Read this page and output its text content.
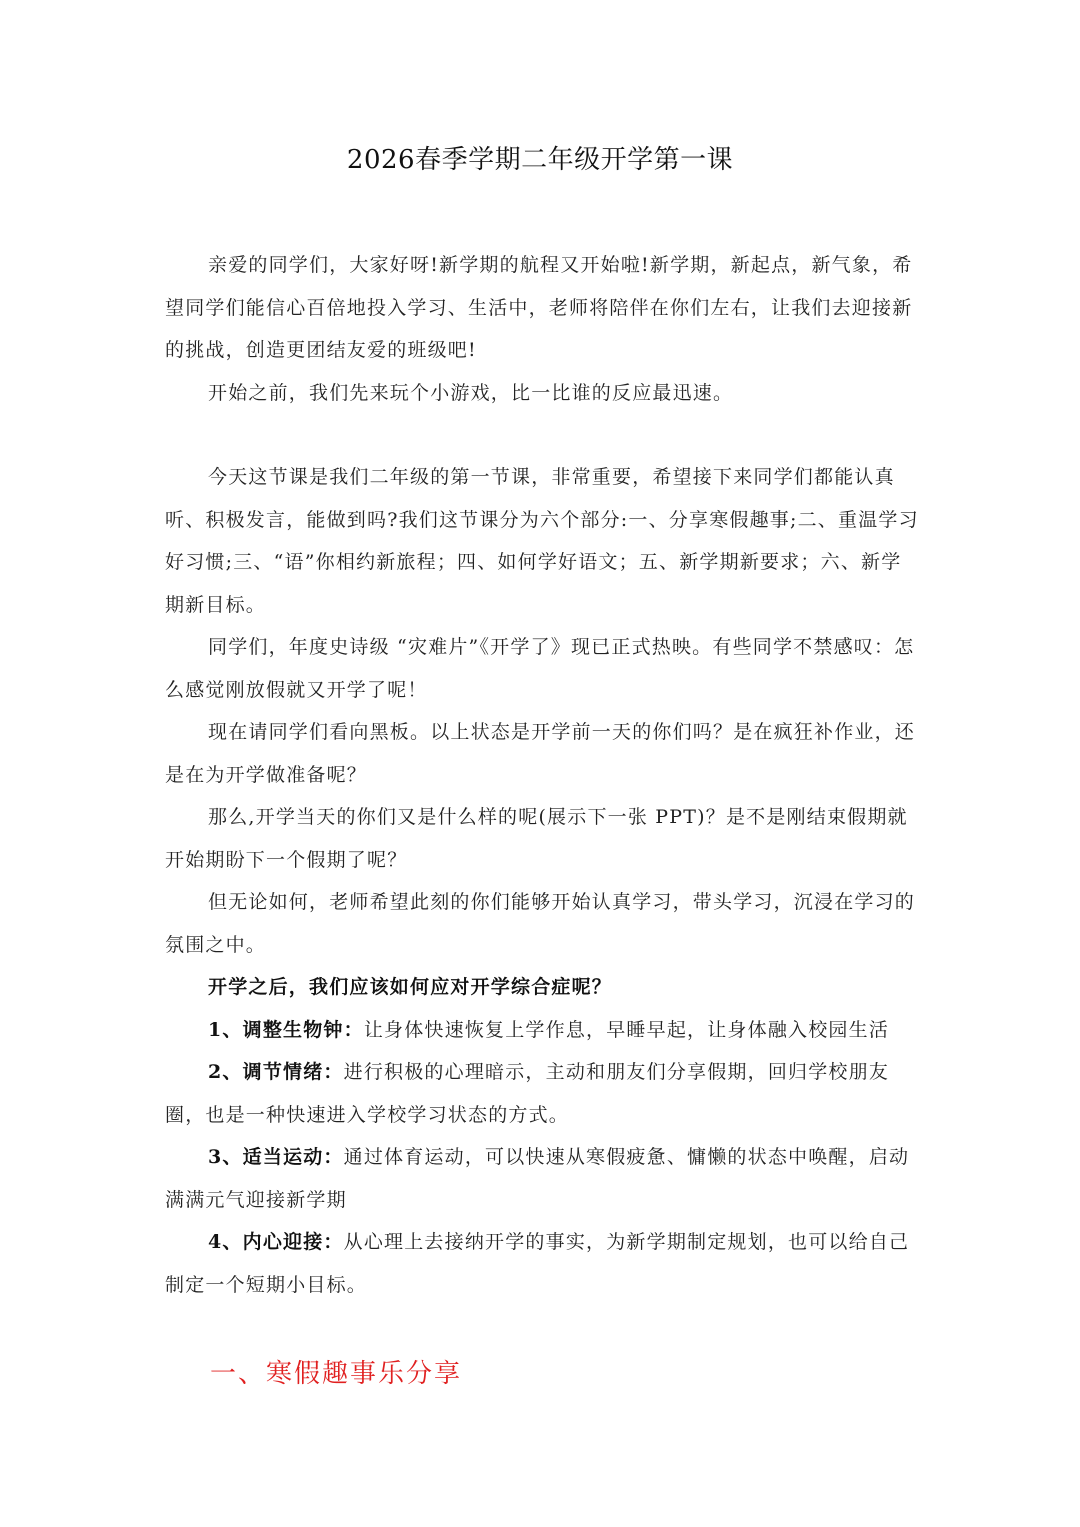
2026春季学期二年级开学第一课

亲爱的同学们，大家好呀!新学期的航程又开始啦!新学期，新起点，新气象，希望同学们能信心百倍地投入学习、生活中，老师将陪伴在你们左右，让我们去迎接新的挑战，创造更团结友爱的班级吧!

开始之前，我们先来玩个小游戏，比一比谁的反应最迅速。

今天这节课是我们二年级的第一节课，非常重要，希望接下来同学们都能认真听、积极发言，能做到吗?我们这节课分为六个部分:一、分享寒假趣事;二、重温学习好习惯;三、“语”你相约新旅程；四、如何学好语文；五、新学期新要求；六、新学期新目标。

同学们，年度史诗级 “灾难片”《开学了》现已正式热映。有些同学不禁感叹：怎么感觉刚放假就又开学了呢！

现在请同学们看向黑板。以上状态是开学前一天的你们吗？是在疯狂补作业，还是在为开学做准备呢？

那么,开学当天的你们又是什么样的呢(展示下一张 PPT)？是不是刚结束假期就开始期盼下一个假期了呢？

但无论如何，老师希望此刻的你们能够开始认真学习，带头学习，沉浸在学习的氛围之中。

开学之后，我们应该如何应对开学综合症呢？

1、调整生物钟：让身体快速恢复上学作息，早睡早起，让身体融入校园生活

2、调节情绪：进行积极的心理暗示，主动和朋友们分享假期，回归学校朋友圈，也是一种快速进入学校学习状态的方式。

3、适当运动：通过体育运动，可以快速从寒假疲惫、慵懒的状态中唤醒，启动满满元气迎接新学期

4、内心迎接：从心理上去接纳开学的事实，为新学期制定规划，也可以给自己制定一个短期小目标。

一、寒假趣事乐分享
